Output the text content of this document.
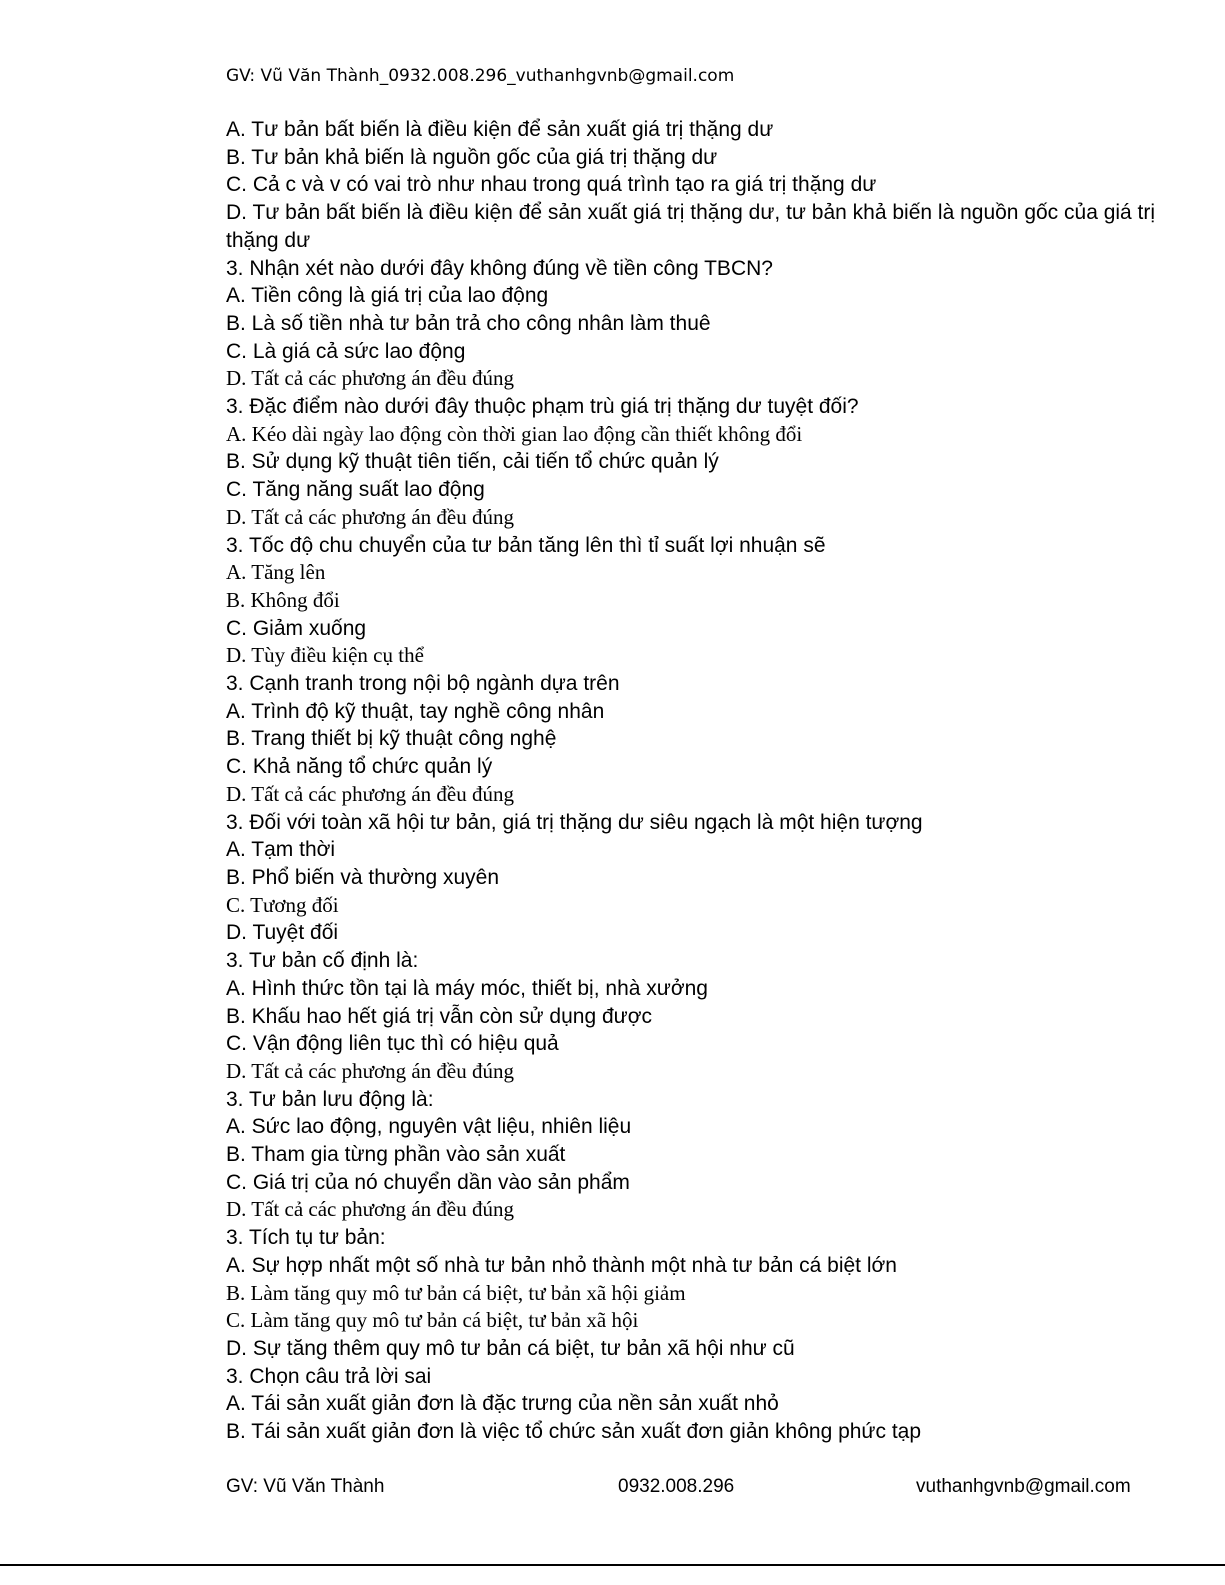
GV: Vũ Văn Thành_0932.008.296_vuthanhgvnb@gmail.com
A. Tư bản bất biến là điều kiện để sản xuất giá trị thặng dư
B. Tư bản khả biến là nguồn gốc của giá trị thặng dư
C. Cả c và v có vai trò như nhau trong quá trình tạo ra giá trị thặng dư
D. Tư bản bất biến là điều kiện để sản xuất giá trị thặng dư, tư bản khả biến là nguồn gốc của giá trị thặng dư
3. Nhận xét nào dưới đây không đúng về tiền công TBCN?
A. Tiền công là giá trị của lao động
B. Là số tiền nhà tư bản trả cho công nhân làm thuê
C. Là giá cả sức lao động
D. Tất cả các phương án đều đúng
3. Đặc điểm nào dưới đây thuộc phạm trù giá trị thặng dư tuyệt đối?
A. Kéo dài ngày lao động còn thời gian lao động cần thiết không đổi
B. Sử dụng kỹ thuật tiên tiến, cải tiến tổ chức quản lý
C. Tăng năng suất lao động
D. Tất cả các phương án đều đúng
3. Tốc độ chu chuyển của tư bản tăng lên thì tỉ suất lợi nhuận sẽ
A. Tăng lên
B. Không đổi
C. Giảm xuống
D. Tùy điều kiện cụ thể
3. Cạnh tranh trong nội bộ ngành dựa trên
A. Trình độ kỹ thuật, tay nghề công nhân
B. Trang thiết bị kỹ thuật công nghệ
C. Khả năng tổ chức quản lý
D. Tất cả các phương án đều đúng
3. Đối với toàn xã hội tư bản, giá trị thặng dư siêu ngạch là một hiện tượng
A. Tạm thời
B. Phổ biến và thường xuyên
C. Tương đối
D. Tuyệt đối
3. Tư bản cố định là:
A. Hình thức tồn tại là máy móc, thiết bị, nhà xưởng
B. Khấu hao hết giá trị vẫn còn sử dụng được
C. Vận động liên tục thì có hiệu quả
D. Tất cả các phương án đều đúng
3. Tư bản lưu động là:
A. Sức lao động, nguyên vật liệu, nhiên liệu
B. Tham gia từng phần vào sản xuất
C. Giá trị của nó chuyển dần vào sản phẩm
D. Tất cả các phương án đều đúng
3. Tích tụ tư bản:
A. Sự hợp nhất một số nhà tư bản nhỏ thành một nhà tư bản cá biệt lớn
B. Làm tăng quy mô tư bản cá biệt, tư bản xã hội giảm
C. Làm tăng quy mô tư bản cá biệt, tư bản xã hội
D. Sự tăng thêm quy mô tư bản cá biệt, tư bản xã hội như cũ
3. Chọn câu trả lời sai
A. Tái sản xuất giản đơn là đặc trưng của nền sản xuất nhỏ
B. Tái sản xuất giản đơn là việc tổ chức sản xuất đơn giản không phức tạp
GV: Vũ Văn Thành	0932.008.296	vuthanhgvnb@gmail.com
